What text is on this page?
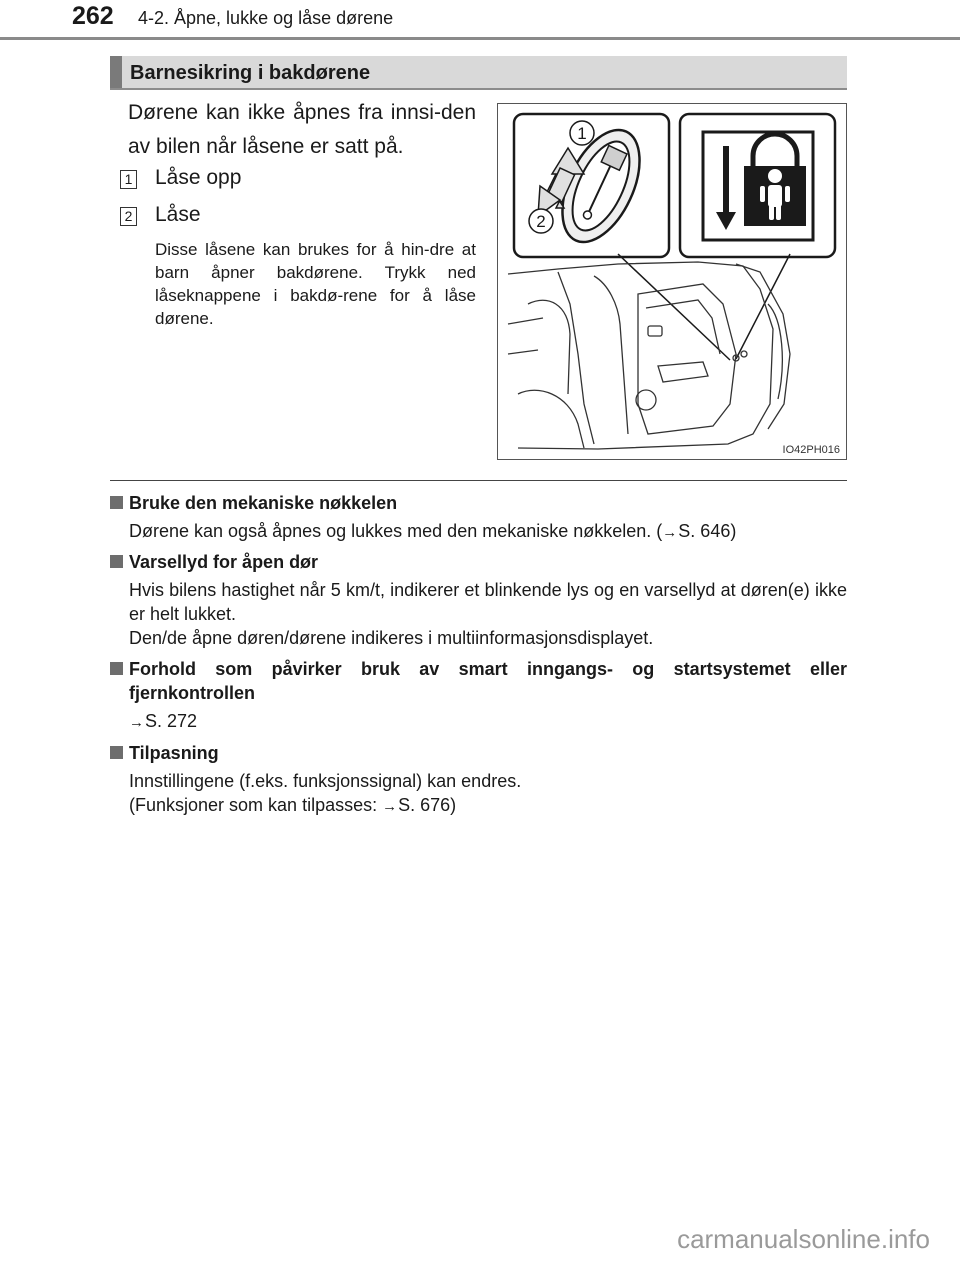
262 4-2. Åpne, lukke og låse dørene
Barnesikring i bakdørene
Dørene kan ikke åpnes fra innsi-den av bilen når låsene er satt på.
1 Låse opp
2 Låse
Disse låsene kan brukes for å hin-dre at barn åpner bakdørene. Trykk ned låseknappene i bakdø-rene for å låse dørene.
1
2
IO42PH016
Bruke den mekaniske nøkkelen
Dørene kan også åpnes og lukkes med den mekaniske nøkkelen. (→S. 646)
Varsellyd for åpen dør
Hvis bilens hastighet når 5 km/t, indikerer et blinkende lys og en varsellyd at døren(e) ikke er helt lukket.
Den/de åpne døren/dørene indikeres i multiinformasjonsdisplayet.
Forhold som påvirker bruk av smart inngangs- og startsystemet eller fjernkontrollen
→S. 272
Tilpasning
Innstillingene (f.eks. funksjonssignal) kan endres.
(Funksjoner som kan tilpasses: →S. 676)
carmanualsonline.info
